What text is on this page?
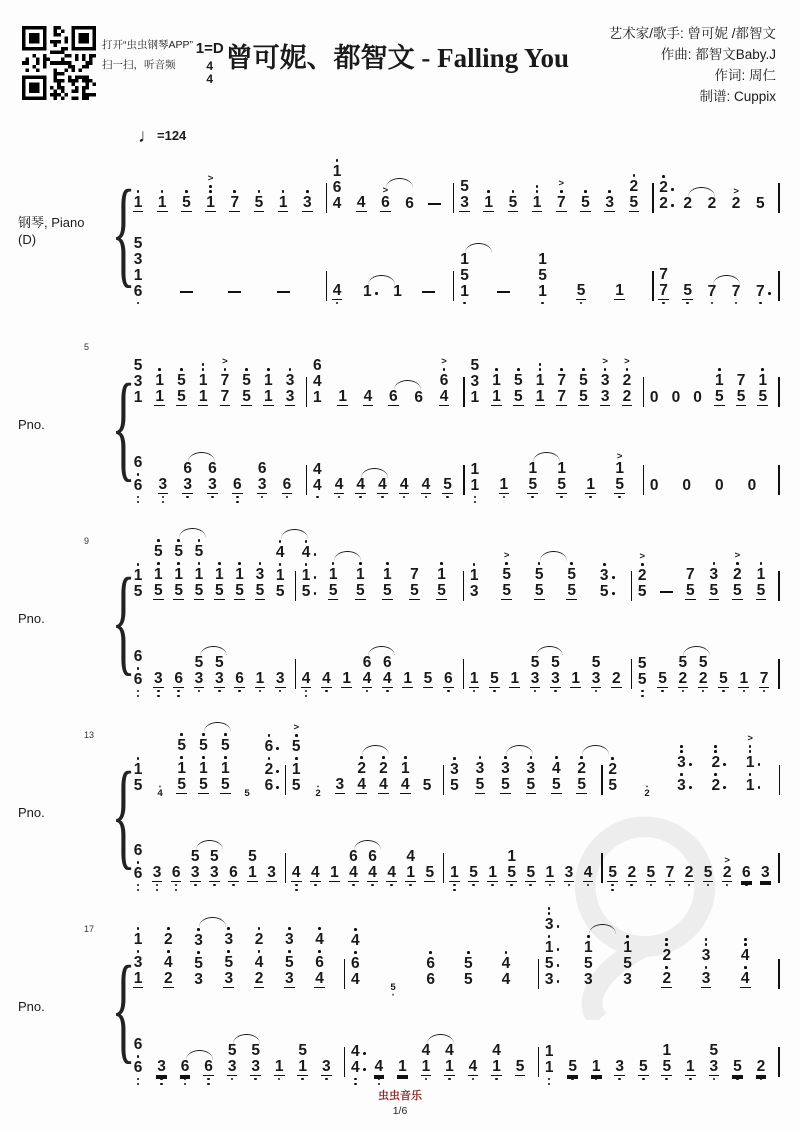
打开“虫虫钢琴APP”
扫一扫，听音频
1=D
4
4
曾可妮、都智文 - Falling You
艺术家/歌手: 曾可妮 /都智文
作曲: 都智文Baby.J
作词: 周仁
制谱: Cuppix
♩=124
钢琴, Piano (D) {
1 1 5
>
1 7 5 1 3
5
3
1
6
1
6
4 4
>
6 6
4 1 1
5
3 1 5 1
>
7 5 3
2
5
1
5
1
1
5
1 5 1
2
2 2 2
>
2 5
7
7 5 7 7 7
5
Pno. {
5
3
1
1
1
5
5
1
1
>
7
7
5
5
1
1
3
3
6
6 3
6
3
6
3 6
6
3 6
6
4
1 1 4 6 6
>
6
4
4
4 4 4 4 4 4 5
5
3
1
1
1
5
5
1
1
7
7
5
5
>
3
3
>
2
2
1
1 1
1
5
1
5 1
>
1
5
0 0 0
1
5
7
5
1
5
0 0 0 0
9
Pno. {
1
5
5
1
5
5
1
5
5
1
5
1
5
1
5
3
5
4
1
5
6
6 3 6
5
3
5
3 6 1 3
4
1
5
1
5
1
5
1
5
7
5
1
5
4 4 1
6
4
6
4 1 5 6
1
3
>
5
5
5
5
5
5
3
5
1 5 1
5
3
5
3 1
5
3 2
>
2
5
7
5
3
5
>
2
5
1
5
5
5 5
5
2
5
2 5 1 7
13
Pno. {
1
5 4
5
1
5
5
1
5
5
1
5
5
6
2
6
6
6 3 6
5
3
5
3 6
5
1 3
>
5
1
5 2
3
2
4
2
4
1
4 5
4 4 1
6
4
6
4 4
4
1 5
3
5
3
5
3
5
3
5
4
5
2
5
1 5 1
1
5 5 1 3 4
2
5 2
3
3
2
2
>
1
1
5 2 5 7 2 5
>
2 6 3
17
Pno. {
1
3
1
2
4
2
3
5
3
3
5
3
2
4
2
3
5
3
4
6
4
6
6 3 6 6
5
3
5
3 1
5
1 3
4
6
4 5
6
6
5
5
4
4
4
4 4 1
4
1
4
1 4
4
1 5
3
1
5
3
1
5
3
1
5
3
2
2
3
3
4
4
1
1 5 1 3 5
1
5 1
5
3 5 2
虫虫音乐
1/6
